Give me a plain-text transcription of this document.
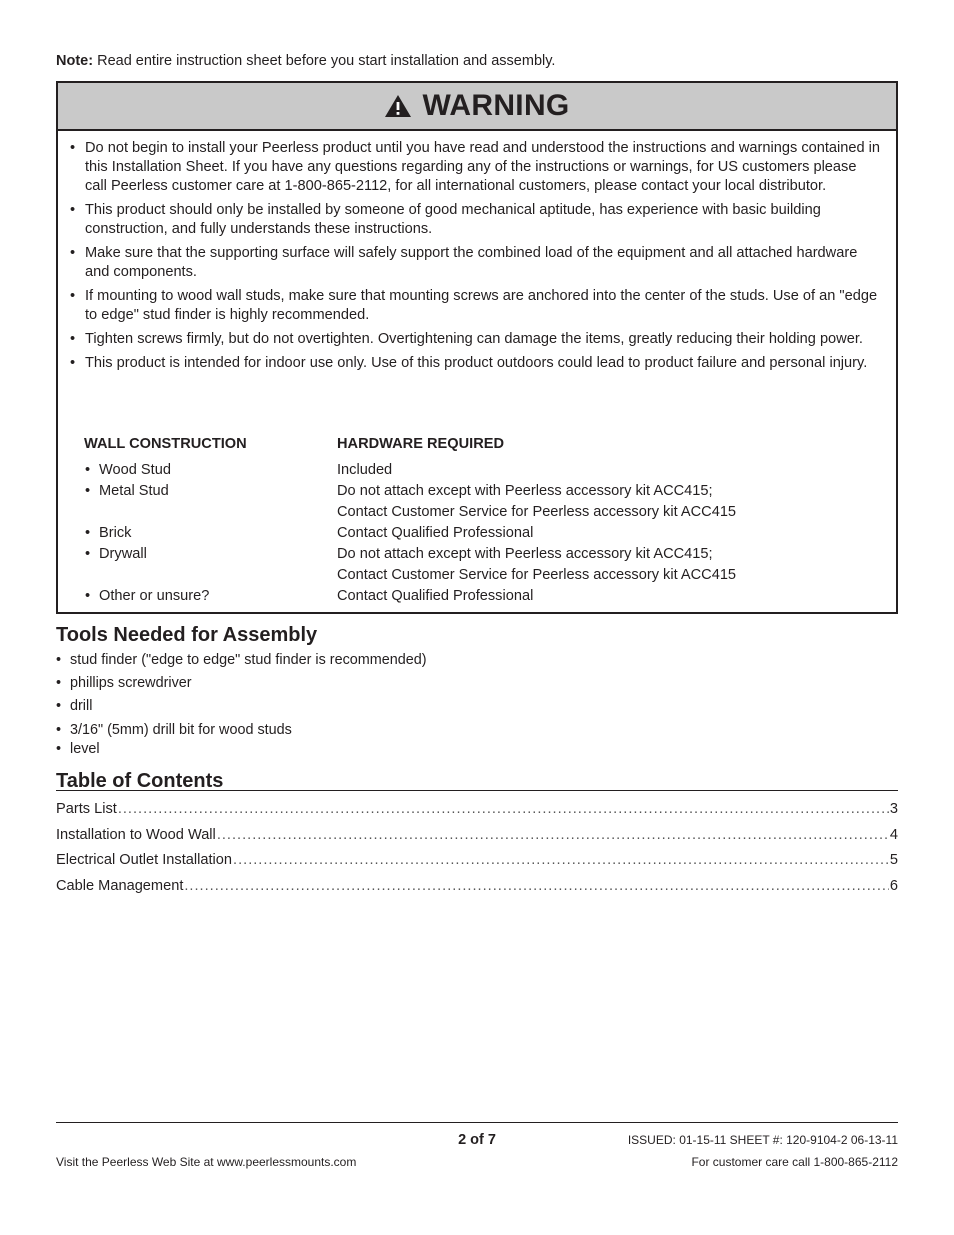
Note: Read entire instruction sheet before you start installation and assembly.
WARNING
• Do not begin to install your Peerless product until you have read and understood the instructions and warnings contained in this Installation Sheet. If you have any questions regarding any of the instructions or warnings, for US customers please call Peerless customer care at 1-800-865-2112, for all international customers, please contact your local distributor.
• This product should only be installed by someone of good mechanical aptitude, has experience with basic building construction, and fully understands these instructions.
• Make sure that the supporting surface will safely support the combined load of the equipment and all attached hardware and components.
• If mounting to wood wall studs, make sure that mounting screws are anchored into the center of the studs. Use of an "edge to edge" stud finder is highly recommended.
• Tighten screws firmly, but do not overtighten. Overtightening can damage the items, greatly reducing their holding power.
• This product is intended for indoor use only. Use of this product outdoors could lead to product failure and personal injury.
WALL CONSTRUCTION	HARDWARE REQUIRED
• Wood Stud	Included
• Metal Stud	Do not attach except with Peerless accessory kit ACC415;
Contact Customer Service for Peerless accessory kit ACC415
• Brick	Contact Qualified Professional
• Drywall	Do not attach except with Peerless accessory kit ACC415;
Contact Customer Service for Peerless accessory kit ACC415
• Other or unsure?	Contact Qualified Professional
Tools Needed for Assembly
• stud finder ("edge to edge" stud finder is recommended)
• phillips screwdriver
• drill
• 3/16" (5mm) drill bit for wood studs
• level
Table of Contents
Parts List .....	3
Installation to Wood Wall .....	4
Electrical Outlet Installation .....	5
Cable Management .....	6
2 of 7	ISSUED: 01-15-11 SHEET #: 120-9104-2 06-13-11
Visit the Peerless Web Site at www.peerlessmounts.com	For customer care call 1-800-865-2112
